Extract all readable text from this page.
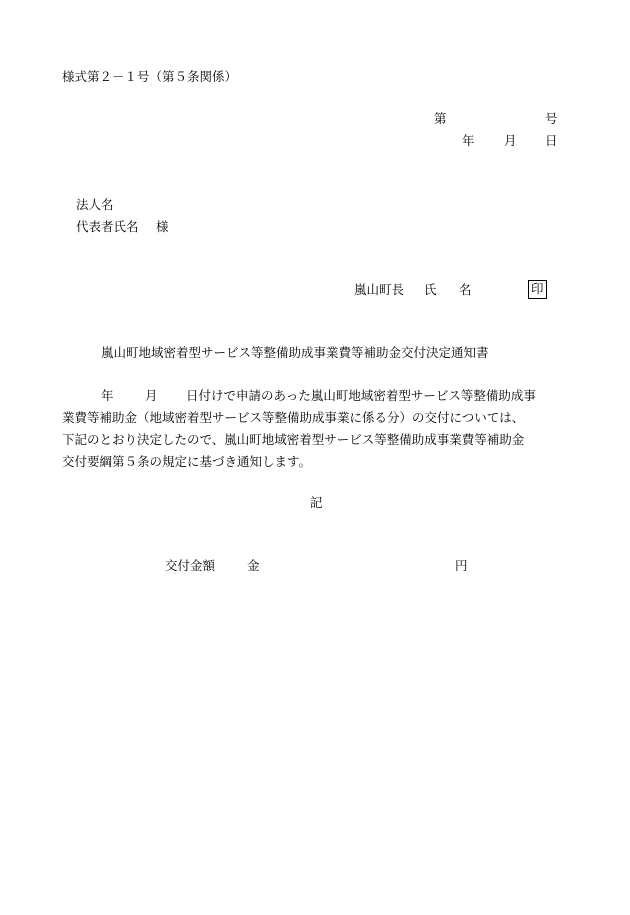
様式第２－１号（第５条関係）
第	号
年 月 日
法人名
代表者氏名 様
嵐山町長 氏 名	印
嵐山町地域密着型サービス等整備助成事業費等補助金交付決定通知書
年	月 日付けで申請のあった嵐山町地域密着型サービス等整備助成事
業費等補助金（地域密着型サービス等整備助成事業に係る分）の交付については、
下記のとおり決定したので、嵐山町地域密着型サービス等整備助成事業費等補助金
交付要綱第５条の規定に基づき通知します。
記
交付金額	金	円
